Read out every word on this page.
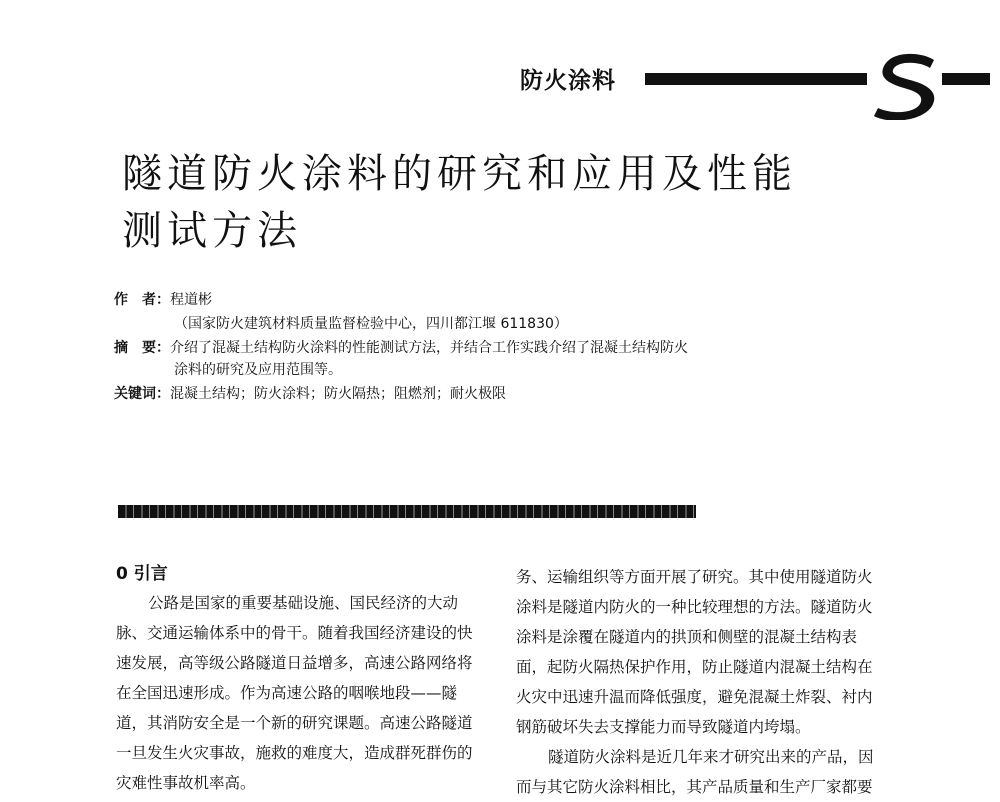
防火涂料
隧道防火涂料的研究和应用及性能
测试方法
作　者：程道彬
（国家防火建筑材料质量监督检验中心，四川都江堰 611830）
摘　要：介绍了混凝土结构防火涂料的性能测试方法，并结合工作实践介绍了混凝土结构防火
涂料的研究及应用范围等。
关键词：混凝土结构；防火涂料；防火隔热；阻燃剂；耐火极限

0 引言

公路是国家的重要基础设施、国民经济的大动

脉、交通运输体系中的骨干。随着我国经济建设的快

速发展，高等级公路隧道日益增多，高速公路网络将

在全国迅速形成。作为高速公路的咽喉地段——隧

道，其消防安全是一个新的研究课题。高速公路隧道

一旦发生火灾事故，施救的难度大，造成群死群伤的

灾难性事故机率高。

务、运输组织等方面开展了研究。其中使用隧道防火

涂料是隧道内防火的一种比较理想的方法。隧道防火

涂料是涂覆在隧道内的拱顶和侧壁的混凝土结构表

面，起防火隔热保护作用，防止隧道内混凝土结构在

火灾中迅速升温而降低强度，避免混凝土炸裂、衬内

钢筋破坏失去支撑能力而导致隧道内垮塌。

隧道防火涂料是近几年来才研究出来的产品，因

而与其它防火涂料相比，其产品质量和生产厂家都要
